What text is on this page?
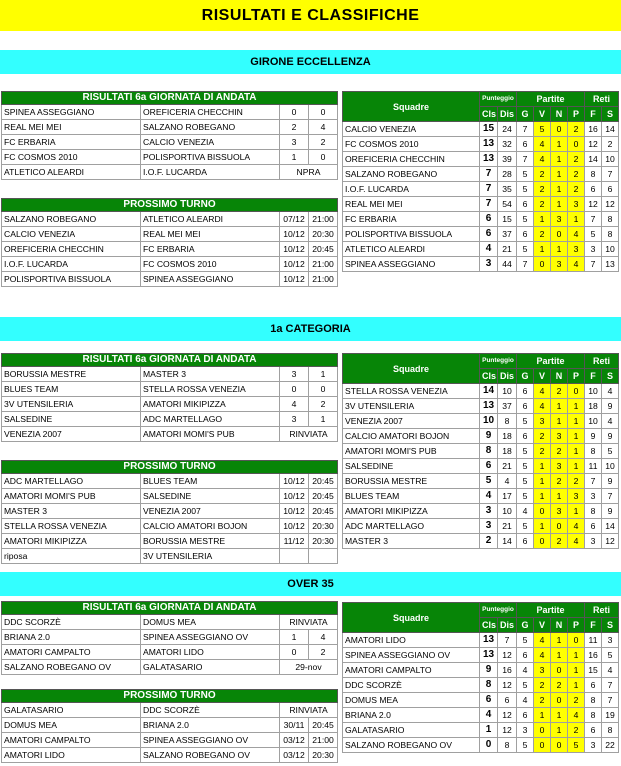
RISULTATI E CLASSIFICHE
GIRONE ECCELLENZA
RISULTATI 6a GIORNATA DI ANDATA			
SPINEA ASSEGGIANO	OREFICERIA CHECCHIN	0	0
REAL MEI MEI	SALZANO ROBEGANO	2	4
FC ERBARIA	CALCIO VENEZIA	3	2
FC COSMOS 2010	POLISPORTIVA BISSUOLA	1	0
ATLETICO ALEARDI	I.O.F. LUCARDA	NPRA	
PROSSIMO TURNO			
SALZANO ROBEGANO	ATLETICO ALEARDI	07/12	21:00
CALCIO VENEZIA	REAL MEI MEI	10/12	20:30
OREFICERIA CHECCHIN	FC ERBARIA	10/12	20:45
I.O.F. LUCARDA	FC COSMOS 2010	10/12	21:00
POLISPORTIVA BISSUOLA	SPINEA ASSEGGIANO	10/12	21:00
Squadre	Punteggio		Partite				Reti	
	Cls	Dis	G	V	N	P	F	S
CALCIO VENEZIA	15	24	7	5	0	2	16	14
FC COSMOS 2010	13	32	6	4	1	0	12	2
OREFICERIA CHECCHIN	13	39	7	4	1	2	14	10
SALZANO ROBEGANO	7	28	5	2	1	2	8	7
I.O.F. LUCARDA	7	35	5	2	1	2	6	6
REAL MEI MEI	7	54	6	2	1	3	12	12
FC ERBARIA	6	15	5	1	3	1	7	8
POLISPORTIVA BISSUOLA	6	37	6	2	0	4	5	8
ATLETICO ALEARDI	4	21	5	1	1	3	3	10
SPINEA ASSEGGIANO	3	44	7	0	3	4	7	13
1a CATEGORIA
RISULTATI 6a GIORNATA DI ANDATA			
BORUSSIA MESTRE	MASTER 3	3	1
BLUES TEAM	STELLA ROSSA VENEZIA	0	0
3V UTENSILERIA	AMATORI MIKIPIZZA	4	2
SALSEDINE	ADC MARTELLAGO	3	1
VENEZIA 2007	AMATORI MOMI'S PUB	RINVIATA	
PROSSIMO TURNO			
ADC MARTELLAGO	BLUES TEAM	10/12	20:45
AMATORI MOMI'S PUB	SALSEDINE	10/12	20:45
MASTER 3	VENEZIA 2007	10/12	20:45
STELLA ROSSA VENEZIA	CALCIO AMATORI BOJON	10/12	20:30
AMATORI MIKIPIZZA	BORUSSIA MESTRE	11/12	20:30
riposa	3V UTENSILERIA		
Squadre	Punteggio		Partite				Reti	
	Cls	Dis	G	V	N	P	F	S
STELLA ROSSA VENEZIA	14	10	6	4	2	0	10	4
3V UTENSILERIA	13	37	6	4	1	1	18	9
VENEZIA 2007	10	8	5	3	1	1	10	4
CALCIO AMATORI BOJON	9	18	6	2	3	1	9	9
AMATORI MOMI'S PUB	8	18	5	2	2	1	8	5
SALSEDINE	6	21	5	1	3	1	11	10
BORUSSIA MESTRE	5	4	5	1	2	2	7	9
BLUES TEAM	4	17	5	1	1	3	3	7
AMATORI MIKIPIZZA	3	10	4	0	3	1	8	9
ADC MARTELLAGO	3	21	5	1	0	4	6	14
MASTER 3	2	14	6	0	2	4	3	12
OVER 35
RISULTATI 6a GIORNATA DI ANDATA			
DDC SCORZÈ	DOMUS MEA	RINVIATA	
BRIANA 2.0	SPINEA ASSEGGIANO OV	1	4
AMATORI CAMPALTO	AMATORI LIDO	0	2
SALZANO ROBEGANO OV	GALATASARIO	29-nov	
PROSSIMO TURNO			
GALATASARIO	DDC SCORZÈ	RINVIATA	
DOMUS MEA	BRIANA 2.0	30/11	20:45
AMATORI CAMPALTO	SPINEA ASSEGGIANO OV	03/12	21:00
AMATORI LIDO	SALZANO ROBEGANO OV	03/12	20:30
Squadre	Punteggio		Partite				Reti	
	Cls	Dis	G	V	N	P	F	S
AMATORI LIDO	13	7	5	4	1	0	11	3
SPINEA ASSEGGIANO OV	13	12	6	4	1	1	16	5
AMATORI CAMPALTO	9	16	4	3	0	1	15	4
DDC SCORZÈ	8	12	5	2	2	1	6	7
DOMUS MEA	6	6	4	2	0	2	8	7
BRIANA 2.0	4	12	6	1	1	4	8	19
GALATASARIO	1	12	3	0	1	2	6	8
SALZANO ROBEGANO OV	0	8	5	0	0	5	3	22
